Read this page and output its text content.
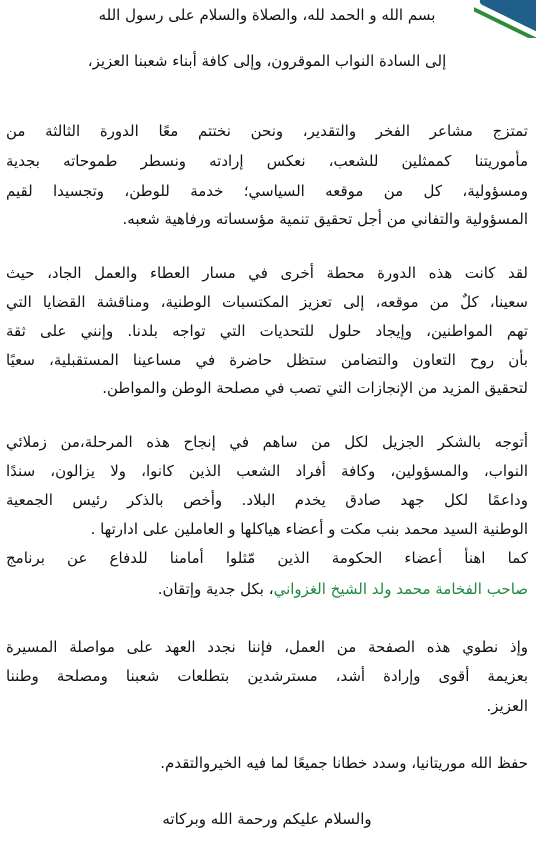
بسم الله و الحمد لله، والصلاة والسلام على رسول الله
إلى السادة النواب الموقرون، وإلى كافة أبناء شعبنا العزيز،
تمتزج مشاعر الفخر والتقدير، ونحن نختتم معًا الدورة الثالثة من
مأموريتنا كممثلين للشعب، نعكس إرادته ونسطر طموحاته بجدية
ومسؤولية، كل من موقعه السياسي؛ خدمة للوطن، وتجسيدا لقيم
المسؤولية والتفاني من أجل تحقيق تنمية مؤسساته ورفاهية شعبه.
لقد كانت هذه الدورة محطة أخرى في مسار العطاء والعمل الجاد، حيث
سعينا، كلٌ من موقعه، إلى تعزيز المكتسبات الوطنية، ومناقشة القضايا التي
تهم المواطنين، وإيجاد حلول للتحديات التي تواجه بلدنا. وإنني على ثقة
بأن روح التعاون والتضامن ستظل حاضرة في مساعينا المستقبلية، سعيًا
لتحقيق المزيد من الإنجازات التي تصب في مصلحة الوطن والمواطن.
أتوجه بالشكر الجزيل لكل من ساهم في إنجاح هذه المرحلة،من زملائي
النواب، والمسؤولين، وكافة أفراد الشعب الذين كانوا، ولا يزالون، سندًا
وداعمًا لكل جهد صادق يخدم البلاد. وأخص بالذكر رئيس الجمعية
الوطنية السيد محمد بنب مكت و أعضاء هياكلها و العاملين على ادارتها .
كما اهنأ أعضاء الحكومة الذين مّثلوا أمامنا للدفاع عن برنامج
صاحب الفخامة محمد ولد الشيخ الغزواني، بكل جدية وإتقان.
وإذ نطوي هذه الصفحة من العمل، فإننا نجدد العهد على مواصلة المسيرة
بعزيمة أقوى وإرادة أشد، مسترشدين بتطلعات شعبنا ومصلحة وطننا
العزيز.
حفظ الله موريتانيا، وسدد خطانا جميعًا لما فيه الخيروالتقدم.
والسلام عليكم ورحمة الله وبركاته
